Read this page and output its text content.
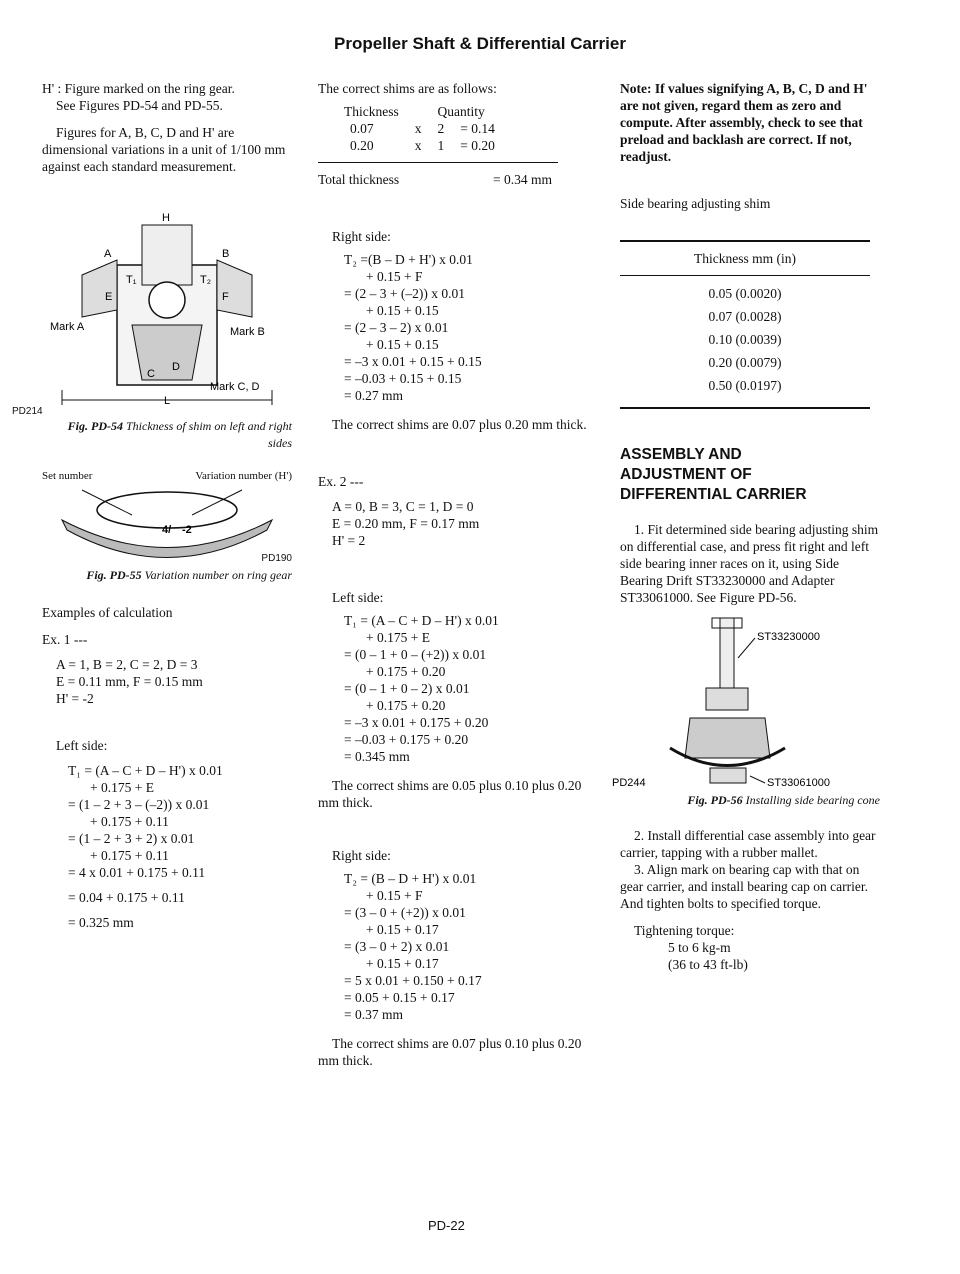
Propeller Shaft & Differential Carrier

H' : Figure marked on the ring gear.

See Figures PD-54 and PD-55.

Figures for A, B, C, D and H' are dimensional variations in a unit of 1/100 mm against each standard measurement.

Mark A	Mark B
Mark C, D
L
T₁	T₂
A	B
C
D
E	F
H
PD214

Fig. PD-54 Thickness of shim on left and right sides

Set number	Variation number (H')
4/ -2
PD190

Fig. PD-55 Variation number on ring gear

Examples of calculation

Ex. 1 ---

A = 1, B = 2, C = 2, D = 3

E = 0.11 mm, F = 0.15 mm

H' = -2

Left side:

T₁ = (A – C + D – H') x 0.01

+ 0.175 + E

= (1 – 2 + 3 – (–2)) x 0.01

+ 0.175 + 0.11

= (1 – 2 + 3 + 2) x 0.01

+ 0.175 + 0.11

= 4 x 0.01 + 0.175 + 0.11

= 0.04 + 0.175 + 0.11

= 0.325 mm

The correct shims are as follows:

Thickness		Quantity	
0.07	x	2	= 0.14
0.20	x	1	= 0.20
Total thickness	= 0.34 mm

Right side:

T₂ =(B – D + H') x 0.01

+ 0.15 + F

= (2 – 3 + (–2)) x 0.01

+ 0.15 + 0.15

= (2 – 3 – 2) x 0.01

+ 0.15 + 0.15

= –3 x 0.01 + 0.15 + 0.15

= –0.03 + 0.15 + 0.15

= 0.27 mm

The correct shims are 0.07 plus 0.20 mm thick.

Ex. 2 ---

A = 0, B = 3, C = 1, D = 0

E = 0.20 mm, F = 0.17 mm

H' = 2

Left side:

T₁ = (A – C + D – H') x 0.01

+ 0.175 + E

= (0 – 1 + 0 – (+2)) x 0.01

+ 0.175 + 0.20

= (0 – 1 + 0 – 2) x 0.01

+ 0.175 + 0.20

= –3 x 0.01 + 0.175 + 0.20

= –0.03 + 0.175 + 0.20

= 0.345 mm

The correct shims are 0.05 plus 0.10 plus 0.20 mm thick.

Right side:

T₂ = (B – D + H') x 0.01

+ 0.15 + F

= (3 – 0 + (+2)) x 0.01

+ 0.15 + 0.17

= (3 – 0 + 2) x 0.01

+ 0.15 + 0.17

= 5 x 0.01 + 0.150 + 0.17

= 0.05 + 0.15 + 0.17

= 0.37 mm

The correct shims are 0.07 plus 0.10 plus 0.20 mm thick.

Note: If values signifying A, B, C, D and H' are not given, regard them as zero and compute. After assembly, check to see that preload and backlash are correct. If not, readjust.

Side bearing adjusting shim

Thickness mm (in)
0.05 (0.0020)
0.07 (0.0028)
0.10 (0.0039)
0.20 (0.0079)
0.50 (0.0197)
ASSEMBLY AND
ADJUSTMENT OF
DIFFERENTIAL CARRIER

1. Fit determined side bearing adjusting shim on differential case, and press fit right and left side bearing inner races on it, using Side Bearing Drift ST33230000 and Adapter ST33061000. See Figure PD-56.

ST33230000
ST33061000
PD244

Fig. PD-56 Installing side bearing cone

2. Install differential case assembly into gear carrier, tapping with a rubber mallet.

3. Align mark on bearing cap with that on gear carrier, and install bearing cap on carrier. And tighten bolts to specified torque.

Tightening torque:

5 to 6 kg-m

(36 to 43 ft-lb)

PD-22
